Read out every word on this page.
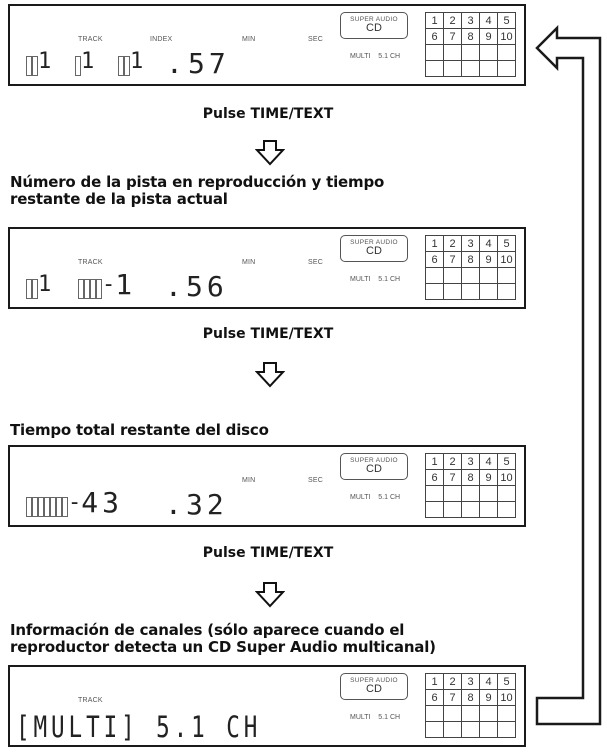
TRACK	INDEX	MIN	SEC
1 1 1 . 57
SUPER AUDIO
CD
MULTI 5.1 CH
1	2	3	4	5
6	7	8	9	10

Pulse TIME/TEXT
Número de la pista en reproducción y tiempo
restante de la pista actual
TRACK	MIN	SEC
1 - 1 . 56
SUPER AUDIO
CD
MULTI 5.1 CH
1	2	3	4	5
6	7	8	9	10

Pulse TIME/TEXT
Tiempo total restante del disco
MIN	SEC
- 43 . 32
SUPER AUDIO
CD
MULTI 5.1 CH
1	2	3	4	5
6	7	8	9	10

Pulse TIME/TEXT
Información de canales (sólo aparece cuando el
reproductor detecta un CD Super Audio multicanal)
TRACK
[MULTI] 5.1 CH
SUPER AUDIO
CD
MULTI 5.1 CH
1	2	3	4	5
6	7	8	9	10
